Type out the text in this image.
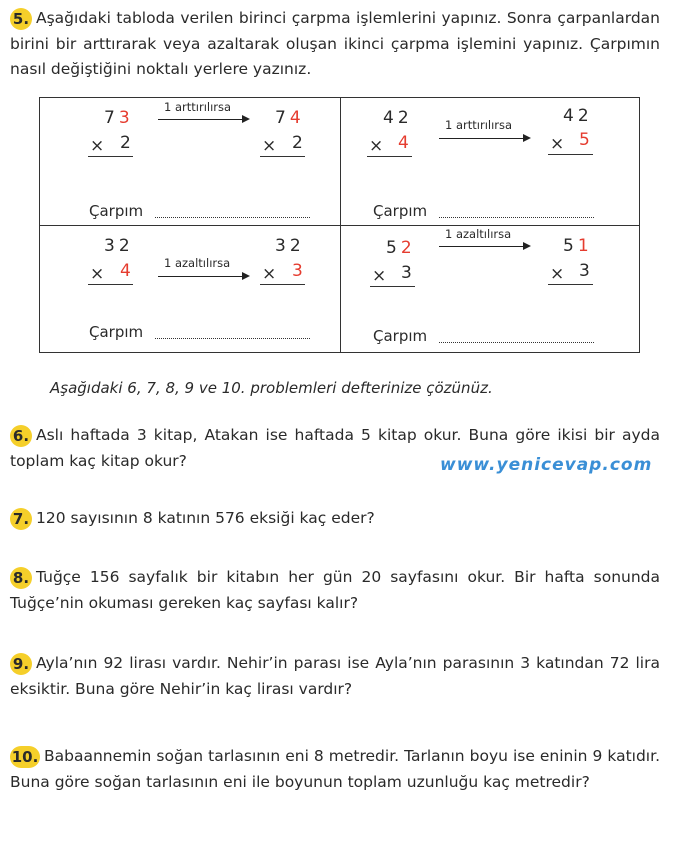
5. Aşağıdaki tabloda verilen birinci çarpma işlemlerini yapınız. Sonra çarpanlardan birini bir arttırarak veya azaltarak oluşan ikinci çarpma işlemini yapınız. Çarpımın nasıl değiştiğini noktalı yerlere yazınız.
73
× 2
1 arttırılırsa
74
× 2
Çarpım
42
× 4
1 arttırılırsa	42
× 5
Çarpım
32
× 4	1 azaltılırsa
32
× 3
Çarpım
52
× 3
1 azaltılırsa
51
× 3
Çarpım
Aşağıdaki 6, 7, 8, 9 ve 10. problemleri defterinize çözünüz.
6. Aslı haftada 3 kitap, Atakan ise haftada 5 kitap okur. Buna göre ikisi bir ayda toplam kaç kitap okur?	www.yenicevap.com
7. 120 sayısının 8 katının 576 eksiği kaç eder?
8. Tuğçe 156 sayfalık bir kitabın her gün 20 sayfasını okur. Bir hafta sonunda Tuğçe’nin okuması gereken kaç sayfası kalır?
9. Ayla’nın 92 lirası vardır. Nehir’in parası ise Ayla’nın parasının 3 katından 72 lira eksiktir. Buna göre Nehir’in kaç lirası vardır?
10. Babaannemin soğan tarlasının eni 8 metredir. Tarlanın boyu ise eninin 9 katıdır. Buna göre soğan tarlasının eni ile boyunun toplam uzunluğu kaç metredir?
